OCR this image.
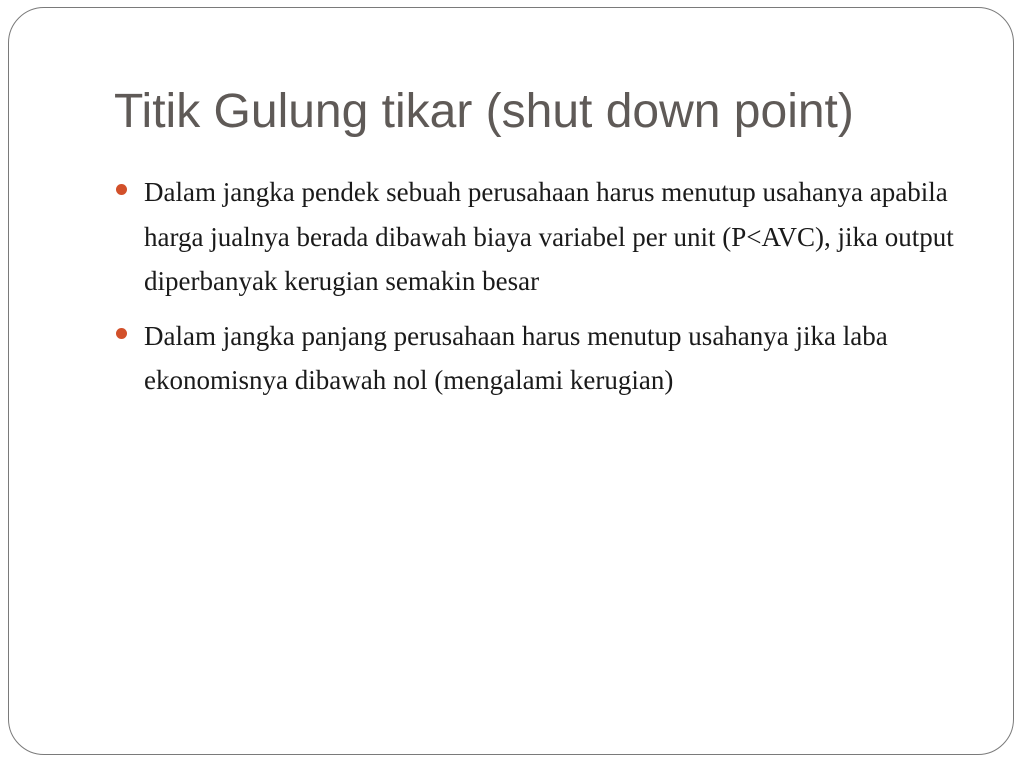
Titik Gulung tikar (shut down point)
Dalam jangka pendek sebuah perusahaan harus menutup usahanya apabila harga jualnya berada dibawah biaya variabel per unit (P<AVC), jika output diperbanyak kerugian semakin besar
Dalam jangka panjang perusahaan harus menutup usahanya jika laba ekonomisnya dibawah nol (mengalami kerugian)
